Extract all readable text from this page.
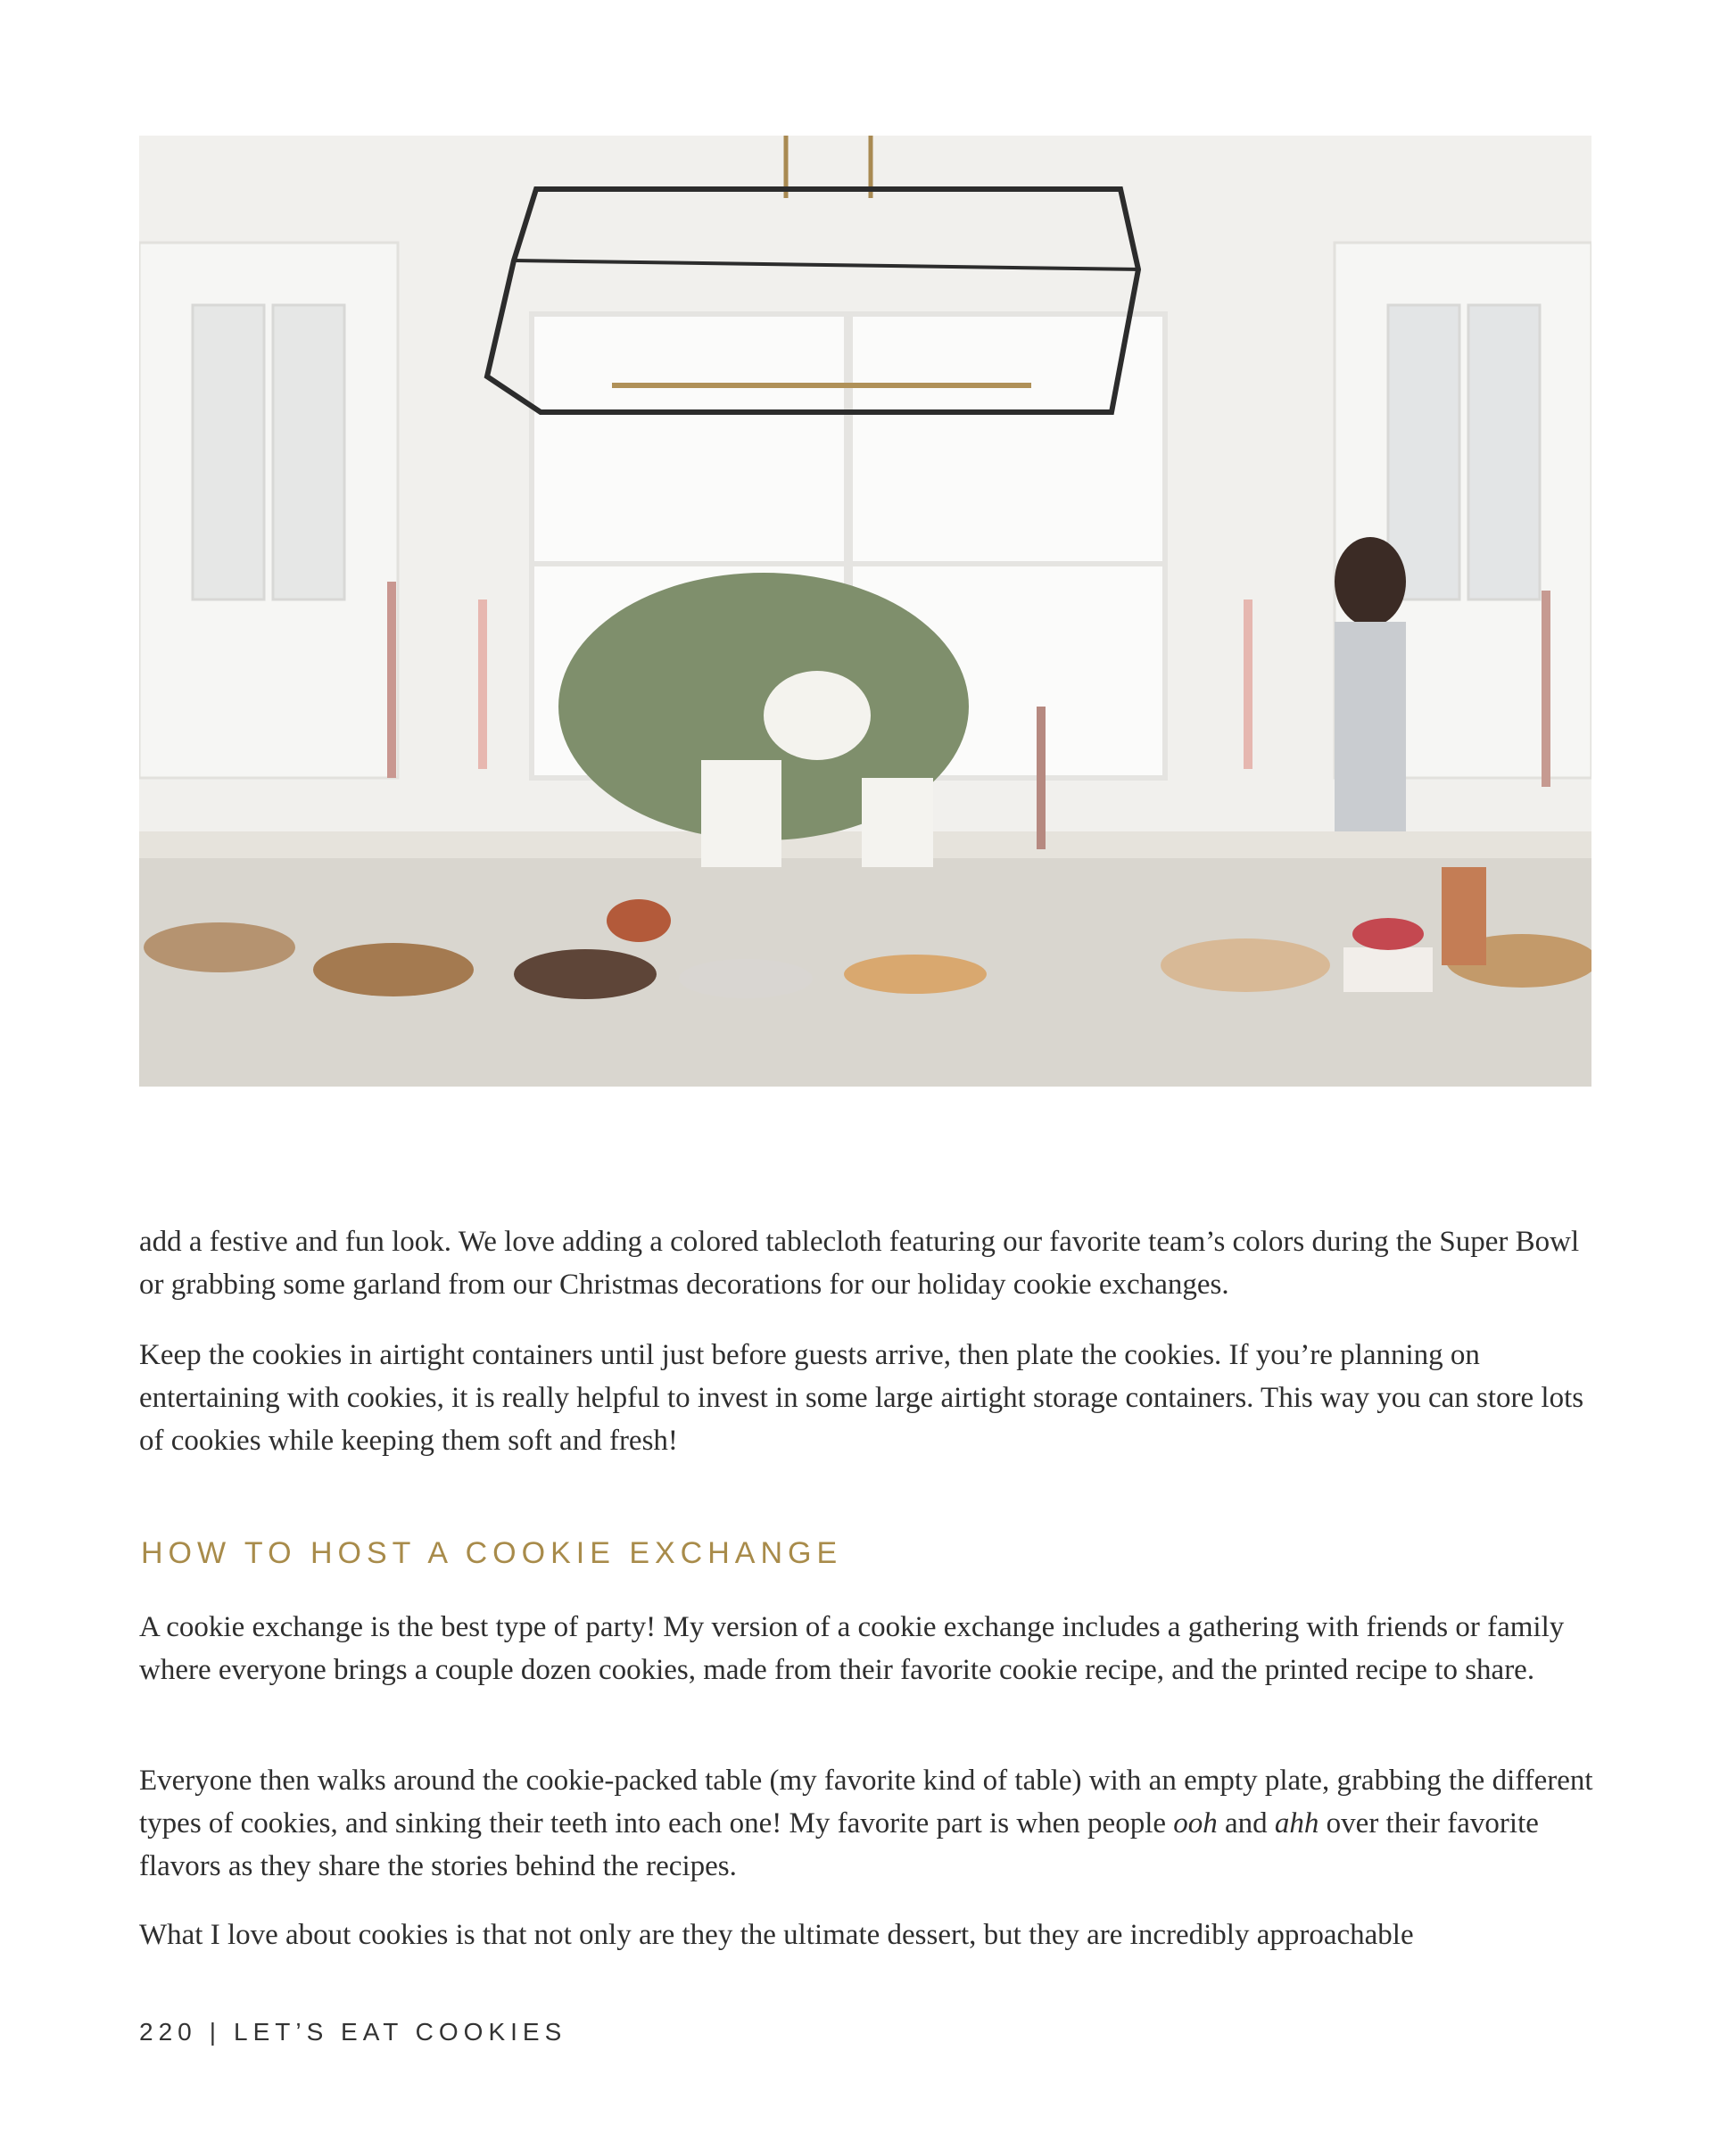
add a festive and fun look. We love adding a colored tablecloth featuring our favorite team’s colors during the Super Bowl or grabbing some garland from our Christmas decorations for our holiday cookie exchanges.

Keep the cookies in airtight containers until just before guests arrive, then plate the cookies. If you’re planning on entertaining with cookies, it is really helpful to invest in some large airtight storage containers. This way you can store lots of cookies while keeping them soft and fresh!

HOW TO HOST A COOKIE EXCHANGE

A cookie exchange is the best type of party! My version of a cookie exchange includes a gathering with friends or family where everyone brings a couple dozen cookies, made from their favorite cookie recipe, and the printed recipe to share.

Everyone then walks around the cookie-packed table (my favorite kind of table) with an empty plate, grabbing the different types of cookies, and sinking their teeth into each one! My favorite part is when people ooh and ahh over their favorite flavors as they share the stories behind the recipes.

What I love about cookies is that not only are they the ultimate dessert, but they are incredibly approachable

220 | LET’S EAT COOKIES
